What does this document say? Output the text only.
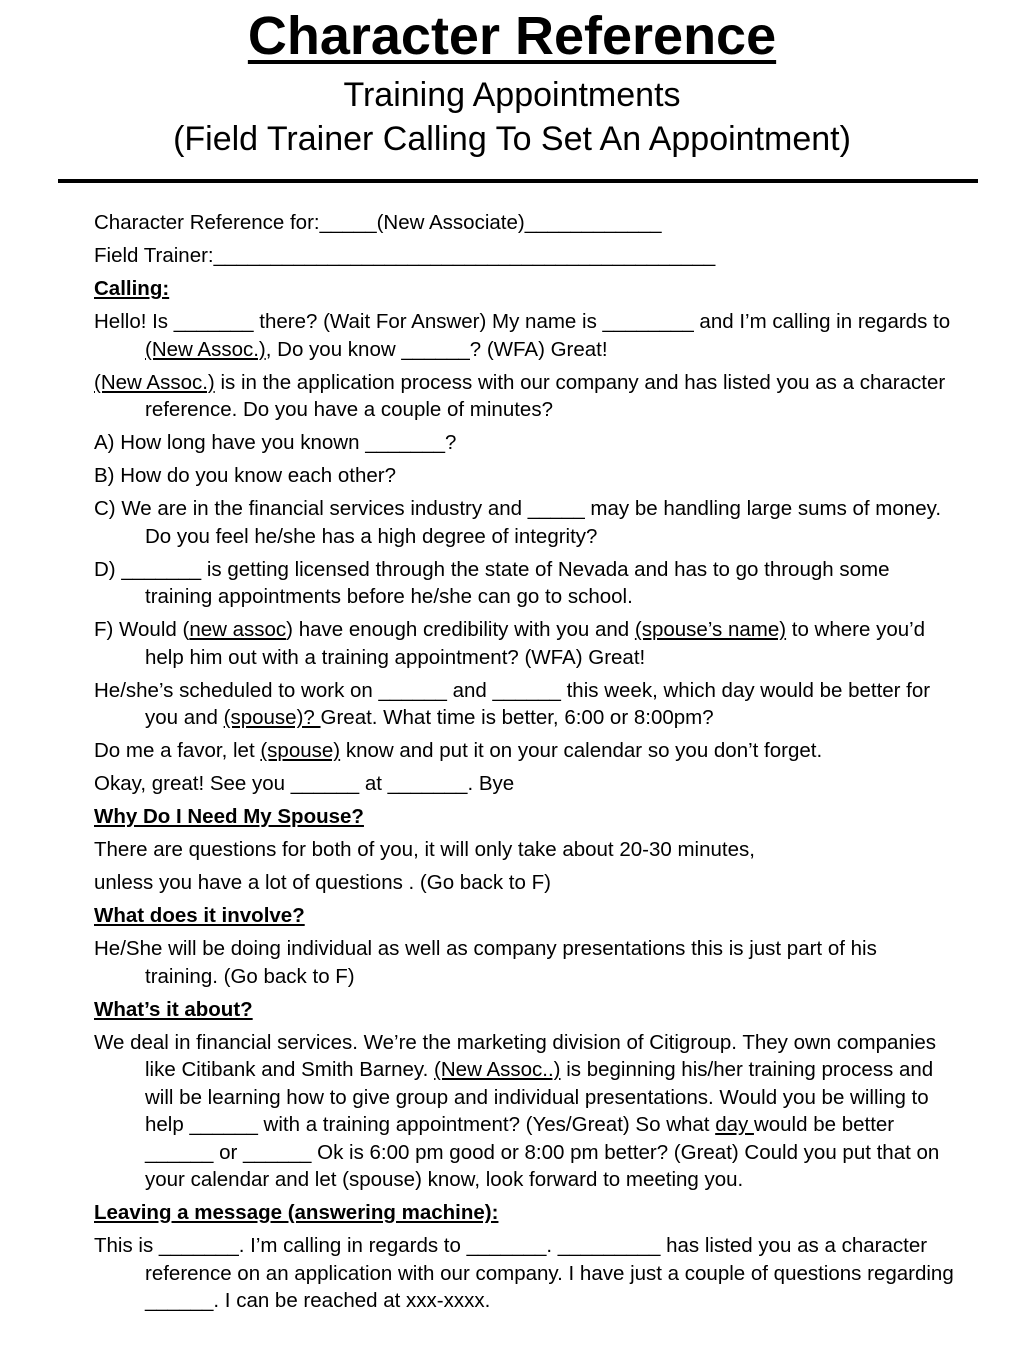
Character Reference
Training Appointments
(Field Trainer Calling To Set An Appointment)

Character Reference for:_____(New Associate)____________

Field Trainer:____________________________________________

Calling:

Hello! Is _______ there? (Wait For Answer) My name is ________ and I’m calling in regards to (New Assoc.), Do you know ______? (WFA) Great!

(New Assoc.) is in the application process with our company and has listed you as a character reference. Do you have a couple of minutes?

A) How long have you known _______?

B) How do you know each other?

C) We are in the financial services industry and _____ may be handling large sums of money. Do you feel he/she has a high degree of integrity?

D) _______ is getting licensed through the state of Nevada and has to go through some training appointments before he/she can go to school.

F) Would (new assoc) have enough credibility with you and (spouse’s name) to where you’d help him out with a training appointment? (WFA) Great!

He/she’s scheduled to work on ______ and ______ this week, which day would be better for you and (spouse)? Great. What time is better, 6:00 or 8:00pm?

Do me a favor, let (spouse) know and put it on your calendar so you don’t forget.

Okay, great! See you ______ at _______. Bye

Why Do I Need My Spouse?

There are questions for both of you, it will only take about 20-30 minutes,

unless you have a lot of questions . (Go back to F)

What does it involve?

He/She will be doing individual as well as company presentations this is just part of his training. (Go back to F)

What’s it about?

We deal in financial services. We’re the marketing division of Citigroup. They own companies like Citibank and Smith Barney. (New Assoc..) is beginning his/her training process and will be learning how to give group and individual presentations. Would you be willing to help ______ with a training appointment? (Yes/Great) So what day would be better ______ or ______ Ok is 6:00 pm good or 8:00 pm better? (Great) Could you put that on your calendar and let (spouse) know, look forward to meeting you.

Leaving a message (answering machine):

This is _______. I’m calling in regards to _______. _________ has listed you as a character reference on an application with our company. I have just a couple of questions regarding ______. I can be reached at xxx-xxxx.
